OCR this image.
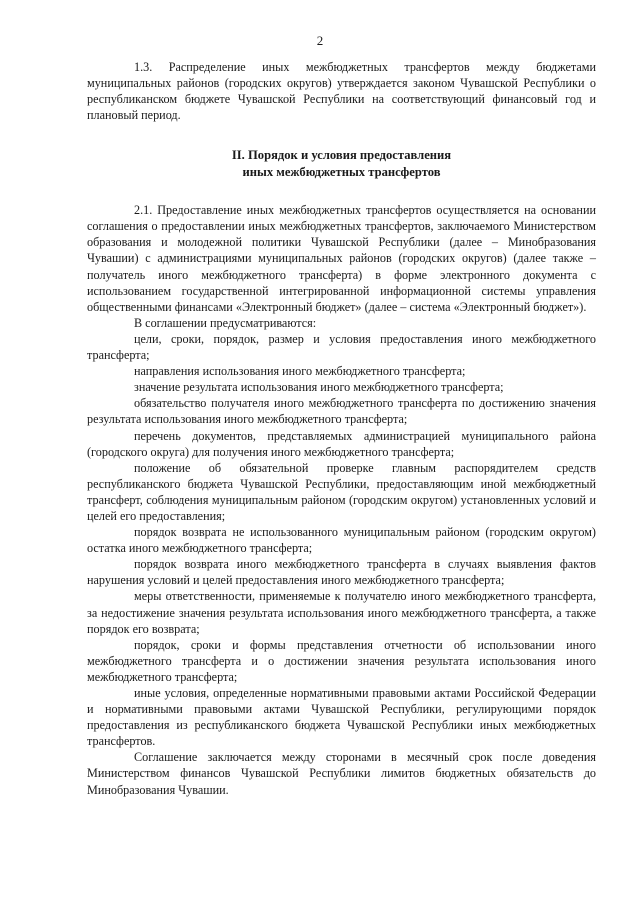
2

1.3. Распределение иных межбюджетных трансфертов между бюджетами муниципальных районов (городских округов) утверждается законом Чувашской Республики о республиканском бюджете Чувашской Республики на соответствующий финансовый год и плановый период.

II. Порядок и условия предоставления
иных межбюджетных трансфертов

2.1. Предоставление иных межбюджетных трансфертов осуществляется на основании соглашения о предоставлении иных межбюджетных трансфертов, заключаемого Министерством образования и молодежной политики Чувашской Республики (далее – Минобразования Чувашии) с администрациями муниципальных районов (городских округов) (далее также – получатель иного межбюджетного трансферта) в форме электронного документа с использованием государственной интегрированной информационной системы управления общественными финансами «Электронный бюджет» (далее – система «Электронный бюджет»).

В соглашении предусматриваются:

цели, сроки, порядок, размер и условия предоставления иного межбюджетного трансферта;

направления использования иного межбюджетного трансферта;

значение результата использования иного межбюджетного трансферта;

обязательство получателя иного межбюджетного трансферта по достижению значения результата использования иного межбюджетного трансферта;

перечень документов, представляемых администрацией муниципального района (городского округа) для получения иного межбюджетного трансферта;

положение об обязательной проверке главным распорядителем средств республиканского бюджета Чувашской Республики, предоставляющим иной межбюджетный трансферт, соблюдения муниципальным районом (городским округом) установленных условий и целей его предоставления;

порядок возврата не использованного муниципальным районом (городским округом) остатка иного межбюджетного трансферта;

порядок возврата иного межбюджетного трансферта в случаях выявления фактов нарушения условий и целей предоставления иного межбюджетного трансферта;

меры ответственности, применяемые к получателю иного межбюджетного трансферта, за недостижение значения результата использования иного межбюджетного трансферта, а также порядок его возврата;

порядок, сроки и формы представления отчетности об использовании иного межбюджетного трансферта и о достижении значения результата использования иного межбюджетного трансферта;

иные условия, определенные нормативными правовыми актами Российской Федерации и нормативными правовыми актами Чувашской Республики, регулирующими порядок предоставления из республиканского бюджета Чувашской Республики иных межбюджетных трансфертов.

Соглашение заключается между сторонами в месячный срок после доведения Министерством финансов Чувашской Республики лимитов бюджетных обязательств до Минобразования Чувашии.
